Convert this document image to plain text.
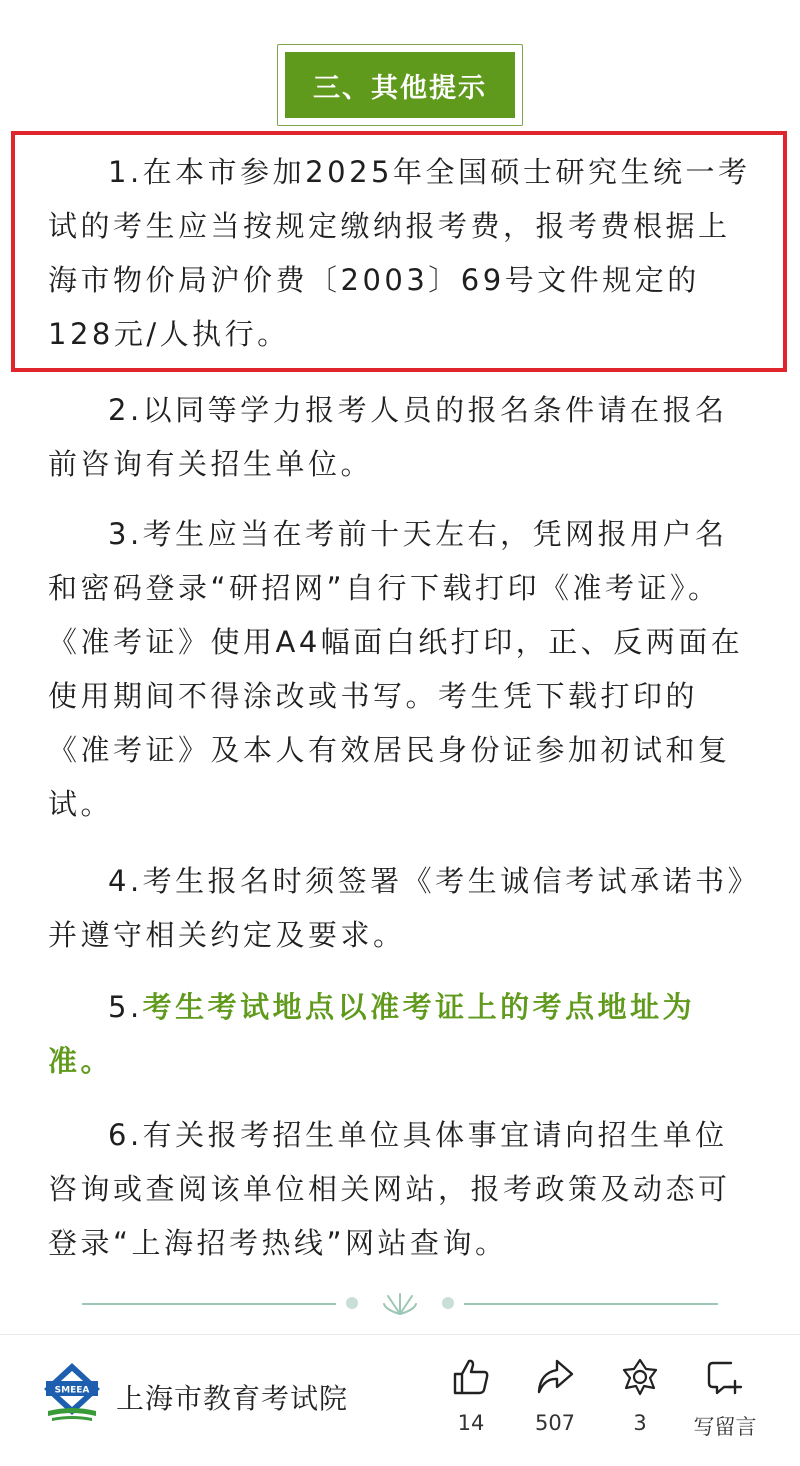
三、其他提示

1.在本市参加2025年全国硕士研究生统一考试的考生应当按规定缴纳报考费，报考费根据上海市物价局沪价费〔2003〕69号文件规定的128元/人执行。

2.以同等学力报考人员的报名条件请在报名前咨询有关招生单位。

3.考生应当在考前十天左右，凭网报用户名和密码登录“研招网”自行下载打印《准考证》。《准考证》使用A4幅面白纸打印，正、反两面在使用期间不得涂改或书写。考生凭下载打印的《准考证》及本人有效居民身份证参加初试和复试。

4.考生报名时须签署《考生诚信考试承诺书》并遵守相关约定及要求。

5.考生考试地点以准考证上的考点地址为准。

6.有关报考招生单位具体事宜请向招生单位咨询或查阅该单位相关网站，报考政策及动态可登录“上海招考热线”网站查询。

SMEEA 上海市教育考试院
14	507	3	写留言
